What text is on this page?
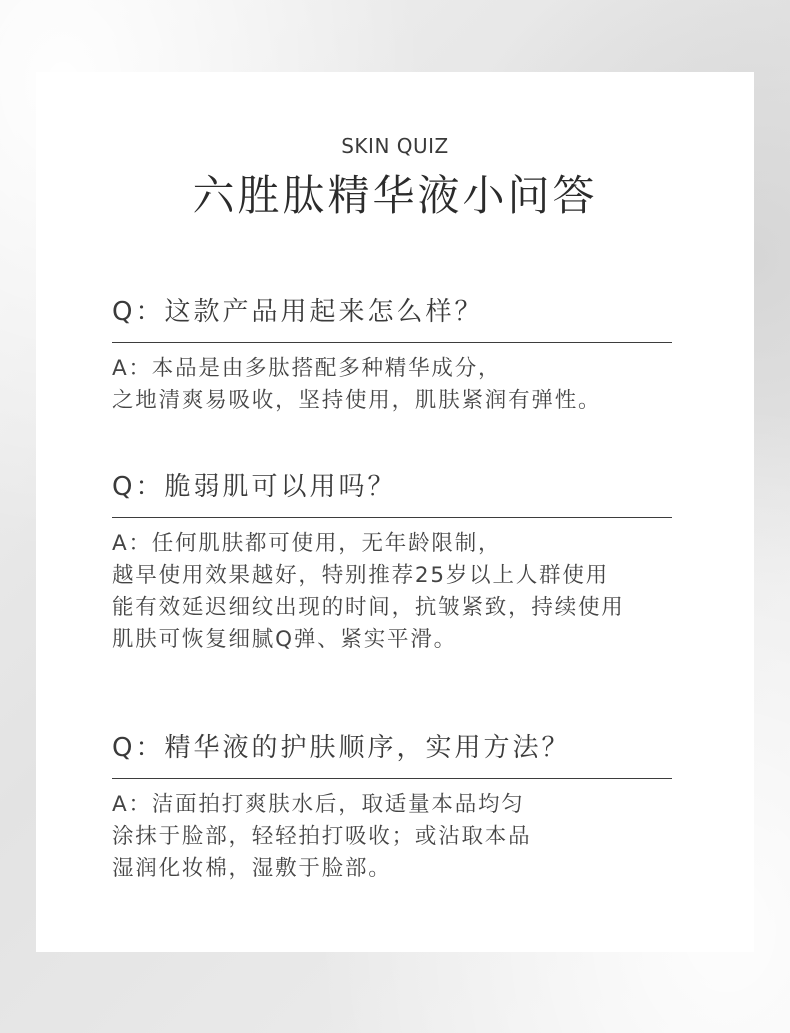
SKIN QUIZ
六胜肽精华液小问答
Q：这款产品用起来怎么样？
A：本品是由多肽搭配多种精华成分，
之地清爽易吸收，坚持使用，肌肤紧润有弹性。
Q：脆弱肌可以用吗？
A：任何肌肤都可使用，无年龄限制，
越早使用效果越好，特别推荐25岁以上人群使用
能有效延迟细纹出现的时间，抗皱紧致，持续使用
肌肤可恢复细腻Q弹、紧实平滑。
Q：精华液的护肤顺序，实用方法？
A：洁面拍打爽肤水后，取适量本品均匀
涂抹于脸部，轻轻拍打吸收；或沾取本品
湿润化妆棉，湿敷于脸部。
